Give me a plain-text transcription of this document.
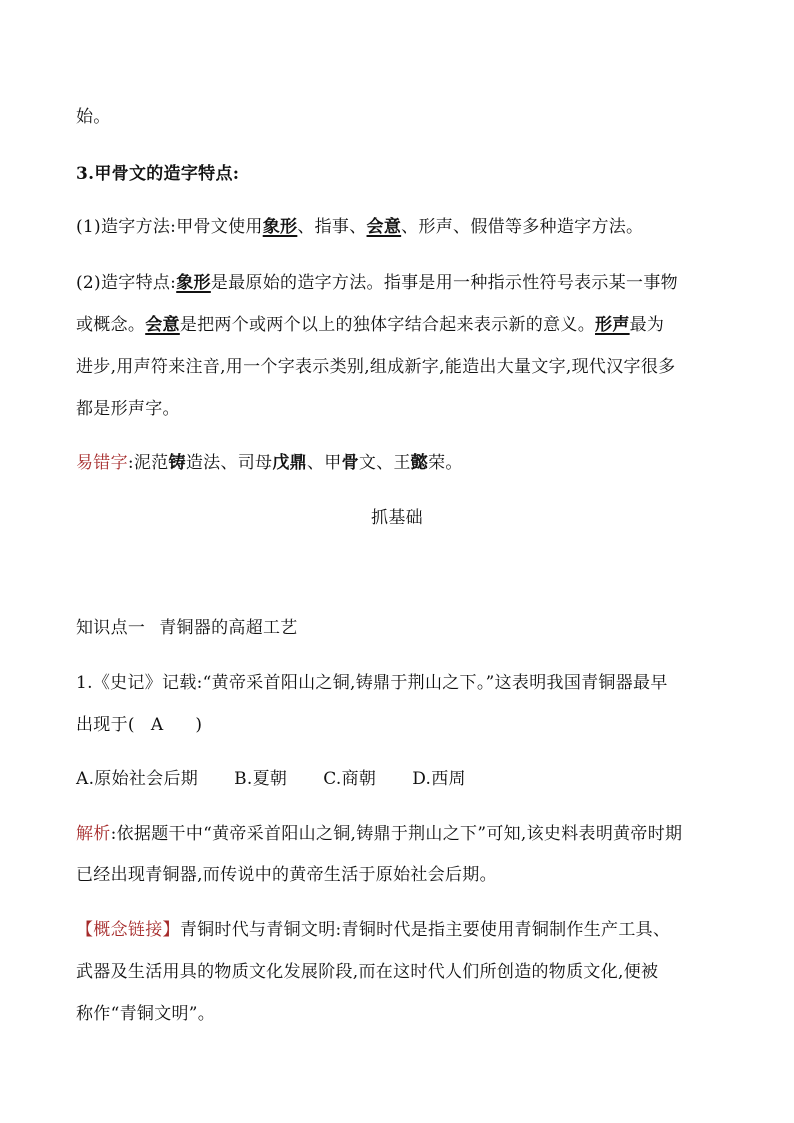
始。
3.甲骨文的造字特点:
(1)造字方法:甲骨文使用象形、指事、会意、形声、假借等多种造字方法。
(2)造字特点:象形是最原始的造字方法。指事是用一种指示性符号表示某一事物
或概念。会意是把两个或两个以上的独体字结合起来表示新的意义。形声最为
进步,用声符来注音,用一个字表示类别,组成新字,能造出大量文字,现代汉字很多
都是形声字。
易错字:泥范铸造法、司母戊鼎、甲骨文、王懿荣。
抓基础
知识点一 青铜器的高超工艺
1.《史记》记载:“黄帝采首阳山之铜,铸鼎于荆山之下。”这表明我国青铜器最早
出现于( A )
A.原始社会后期 B.夏朝 C.商朝 D.西周
解析:依据题干中“黄帝采首阳山之铜,铸鼎于荆山之下”可知,该史料表明黄帝时期
已经出现青铜器,而传说中的黄帝生活于原始社会后期。
【概念链接】青铜时代与青铜文明:青铜时代是指主要使用青铜制作生产工具、
武器及生活用具的物质文化发展阶段,而在这时代人们所创造的物质文化,便被
称作“青铜文明”。
